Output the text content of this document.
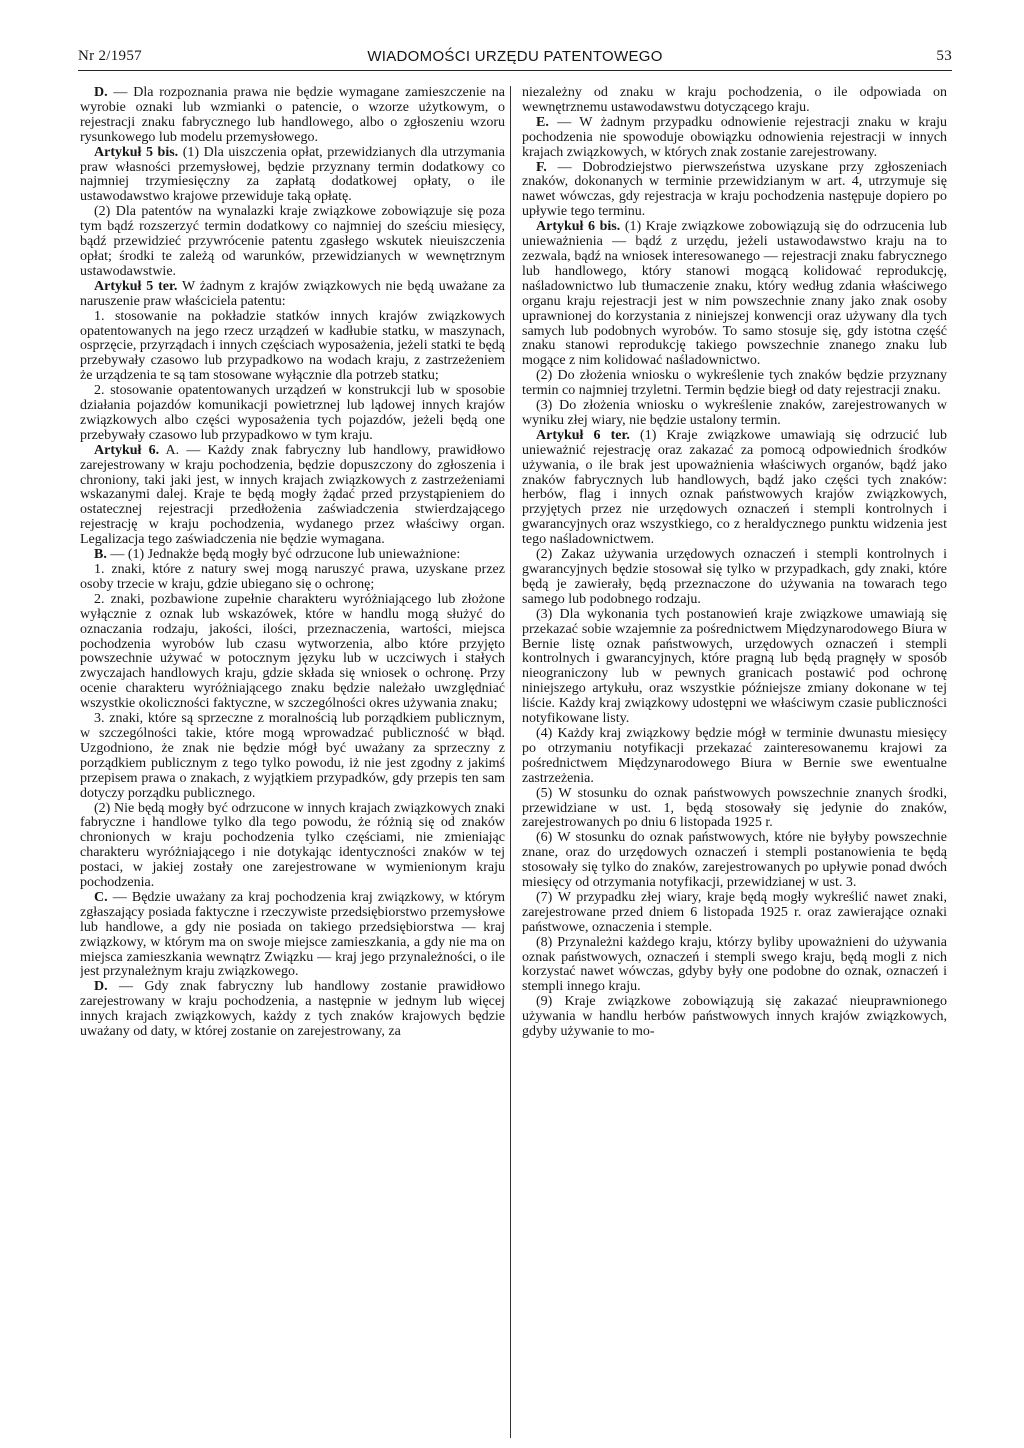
Nr 2/1957	WIADOMOŚCI URZĘDU PATENTOWEGO	53

D. — Dla rozpoznania prawa nie będzie wymagane zamieszczenie na wyrobie oznaki lub wzmianki o patencie, o wzorze użytkowym, o rejestracji znaku fabrycznego lub handlowego, albo o zgłoszeniu wzoru rysunkowego lub modelu przemysłowego.

Artykuł 5 bis. (1) Dla uiszczenia opłat, przewidzianych dla utrzymania praw własności przemysłowej, będzie przyznany termin dodatkowy co najmniej trzymiesięczny za zapłatą dodatkowej opłaty, o ile ustawodawstwo krajowe przewiduje taką opłatę.

(2) Dla patentów na wynalazki kraje związkowe zobowiązuje się poza tym bądź rozszerzyć termin dodatkowy co najmniej do sześciu miesięcy, bądź przewidzieć przywrócenie patentu zgasłego wskutek nieuiszczenia opłat; środki te zależą od warunków, przewidzianych w wewnętrznym ustawodawstwie.

Artykuł 5 ter. W żadnym z krajów związkowych nie będą uważane za naruszenie praw właściciela patentu:

1. stosowanie na pokładzie statków innych krajów związkowych opatentowanych na jego rzecz urządzeń w kadłubie statku, w maszynach, osprzęcie, przyrządach i innych częściach wyposażenia, jeżeli statki te będą przebywały czasowo lub przypadkowo na wodach kraju, z zastrzeżeniem że urządzenia te są tam stosowane wyłącznie dla potrzeb statku;

2. stosowanie opatentowanych urządzeń w konstrukcji lub w sposobie działania pojazdów komunikacji powietrznej lub lądowej innych krajów związkowych albo części wyposażenia tych pojazdów, jeżeli będą one przebywały czasowo lub przypadkowo w tym kraju.

Artykuł 6. A. — Każdy znak fabryczny lub handlowy, prawidłowo zarejestrowany w kraju pochodzenia, będzie dopuszczony do zgłoszenia i chroniony, taki jaki jest, w innych krajach związkowych z zastrzeżeniami wskazanymi dalej. Kraje te będą mogły żądać przed przystąpieniem do ostatecznej rejestracji przedłożenia zaświadczenia stwierdzającego rejestrację w kraju pochodzenia, wydanego przez właściwy organ. Legalizacja tego zaświadczenia nie będzie wymagana.

B. — (1) Jednakże będą mogły być odrzucone lub unieważnione:

1. znaki, które z natury swej mogą naruszyć prawa, uzyskane przez osoby trzecie w kraju, gdzie ubiegano się o ochronę;

2. znaki, pozbawione zupełnie charakteru wyróżniającego lub złożone wyłącznie z oznak lub wskazówek, które w handlu mogą służyć do oznaczania rodzaju, jakości, ilości, przeznaczenia, wartości, miejsca pochodzenia wyrobów lub czasu wytworzenia, albo które przyjęto powszechnie używać w potocznym języku lub w uczciwych i stałych zwyczajach handlowych kraju, gdzie składa się wniosek o ochronę. Przy ocenie charakteru wyróżniającego znaku będzie należało uwzględniać wszystkie okoliczności faktyczne, w szczególności okres używania znaku;

3. znaki, które są sprzeczne z moralnością lub porządkiem publicznym, w szczególności takie, które mogą wprowadzać publiczność w błąd. Uzgodniono, że znak nie będzie mógł być uważany za sprzeczny z porządkiem publicznym z tego tylko powodu, iż nie jest zgodny z jakimś przepisem prawa o znakach, z wyjątkiem przypadków, gdy przepis ten sam dotyczy porządku publicznego.

(2) Nie będą mogły być odrzucone w innych krajach związkowych znaki fabryczne i handlowe tylko dla tego powodu, że różnią się od znaków chronionych w kraju pochodzenia tylko częściami, nie zmieniając charakteru wyróżniającego i nie dotykając identyczności znaków w tej postaci, w jakiej zostały one zarejestrowane w wymienionym kraju pochodzenia.

C. — Będzie uważany za kraj pochodzenia kraj związkowy, w którym zgłaszający posiada faktyczne i rzeczywiste przedsiębiorstwo przemysłowe lub handlowe, a gdy nie posiada on takiego przedsiębiorstwa — kraj związkowy, w którym ma on swoje miejsce zamieszkania, a gdy nie ma on miejsca zamieszkania wewnątrz Związku — kraj jego przynależności, o ile jest przynależnym kraju związkowego.

D. — Gdy znak fabryczny lub handlowy zostanie prawidłowo zarejestrowany w kraju pochodzenia, a następnie w jednym lub więcej innych krajach związkowych, każdy z tych znaków krajowych będzie uważany od daty, w której zostanie on zarejestrowany, za

niezależny od znaku w kraju pochodzenia, o ile odpowiada on wewnętrznemu ustawodawstwu dotyczącego kraju.

E. — W żadnym przypadku odnowienie rejestracji znaku w kraju pochodzenia nie spowoduje obowiązku odnowienia rejestracji w innych krajach związkowych, w których znak zostanie zarejestrowany.

F. — Dobrodziejstwo pierwszeństwa uzyskane przy zgłoszeniach znaków, dokonanych w terminie przewidzianym w art. 4, utrzymuje się nawet wówczas, gdy rejestracja w kraju pochodzenia następuje dopiero po upływie tego terminu.

Artykuł 6 bis. (1) Kraje związkowe zobowiązują się do odrzucenia lub unieważnienia — bądź z urzędu, jeżeli ustawodawstwo kraju na to zezwala, bądź na wniosek interesowanego — rejestracji znaku fabrycznego lub handlowego, który stanowi mogącą kolidować reprodukcję, naśladownictwo lub tłumaczenie znaku, który według zdania właściwego organu kraju rejestracji jest w nim powszechnie znany jako znak osoby uprawnionej do korzystania z niniejszej konwencji oraz używany dla tych samych lub podobnych wyrobów. To samo stosuje się, gdy istotna część znaku stanowi reprodukcję takiego powszechnie znanego znaku lub mogące z nim kolidować naśladownictwo.

(2) Do złożenia wniosku o wykreślenie tych znaków będzie przyznany termin co najmniej trzyletni. Termin będzie biegł od daty rejestracji znaku.

(3) Do złożenia wniosku o wykreślenie znaków, zarejestrowanych w wyniku złej wiary, nie będzie ustalony termin.

Artykuł 6 ter. (1) Kraje związkowe umawiają się odrzucić lub unieważnić rejestrację oraz zakazać za pomocą odpowiednich środków używania, o ile brak jest upoważnienia właściwych organów, bądź jako znaków fabrycznych lub handlowych, bądź jako części tych znaków: herbów, flag i innych oznak państwowych krajów związkowych, przyjętych przez nie urzędowych oznaczeń i stempli kontrolnych i gwarancyjnych oraz wszystkiego, co z heraldycznego punktu widzenia jest tego naśladownictwem.

(2) Zakaz używania urzędowych oznaczeń i stempli kontrolnych i gwarancyjnych będzie stosował się tylko w przypadkach, gdy znaki, które będą je zawierały, będą przeznaczone do używania na towarach tego samego lub podobnego rodzaju.

(3) Dla wykonania tych postanowień kraje związkowe umawiają się przekazać sobie wzajemnie za pośrednictwem Międzynarodowego Biura w Bernie listę oznak państwowych, urzędowych oznaczeń i stempli kontrolnych i gwarancyjnych, które pragną lub będą pragnęły w sposób nieograniczony lub w pewnych granicach postawić pod ochronę niniejszego artykułu, oraz wszystkie późniejsze zmiany dokonane w tej liście. Każdy kraj związkowy udostępni we właściwym czasie publiczności notyfikowane listy.

(4) Każdy kraj związkowy będzie mógł w terminie dwunastu miesięcy po otrzymaniu notyfikacji przekazać zainteresowanemu krajowi za pośrednictwem Międzynarodowego Biura w Bernie swe ewentualne zastrzeżenia.

(5) W stosunku do oznak państwowych powszechnie znanych środki, przewidziane w ust. 1, będą stosowały się jedynie do znaków, zarejestrowanych po dniu 6 listopada 1925 r.

(6) W stosunku do oznak państwowych, które nie byłyby powszechnie znane, oraz do urzędowych oznaczeń i stempli postanowienia te będą stosowały się tylko do znaków, zarejestrowanych po upływie ponad dwóch miesięcy od otrzymania notyfikacji, przewidzianej w ust. 3.

(7) W przypadku złej wiary, kraje będą mogły wykreślić nawet znaki, zarejestrowane przed dniem 6 listopada 1925 r. oraz zawierające oznaki państwowe, oznaczenia i stemple.

(8) Przynależni każdego kraju, którzy byliby upoważnieni do używania oznak państwowych, oznaczeń i stempli swego kraju, będą mogli z nich korzystać nawet wówczas, gdyby były one podobne do oznak, oznaczeń i stempli innego kraju.

(9) Kraje związkowe zobowiązują się zakazać nieuprawnionego używania w handlu herbów państwowych innych krajów związkowych, gdyby używanie to mo-
